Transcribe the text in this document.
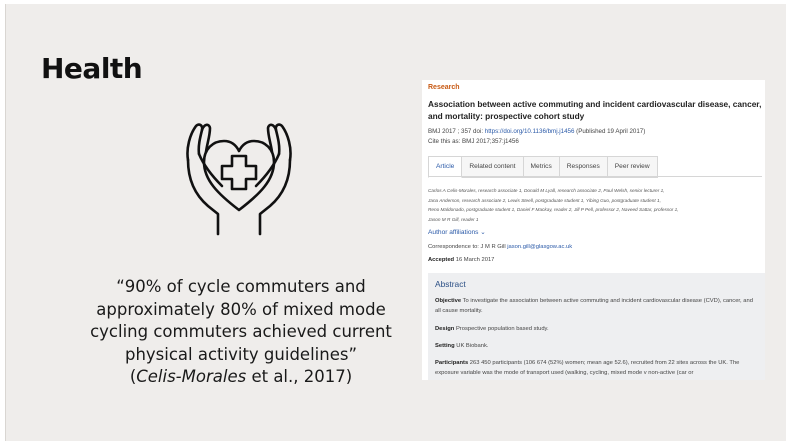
Health
“90% of cycle commuters and approximately 80% of mixed mode cycling commuters achieved current physical activity guidelines”
(Celis-Morales et al., 2017)
Research
Association between active commuting and incident cardiovascular disease, cancer, and mortality: prospective cohort study
BMJ 2017 ; 357 doi: https://doi.org/10.1136/bmj.j1456 (Published 19 April 2017)
Cite this as: BMJ 2017;357:j1456
Article	Related content	Metrics	Responses	Peer review
Carlos A Celis-Morales, research associate 1, Donald M Lyall, research associate 2, Paul Welsh, senior lecturer 1,
Jana Anderson, research associate 2, Lewis Steell, postgraduate student 1, Yibing Guo, postgraduate student 1,
Reno Maldonado, postgraduate student 1, Daniel F Mackay, reader 2, Jill P Pell, professor 2, Naveed Sattar, professor 1,
Jason M R Gill, reader 1
Author affiliations ⌄
Correspondence to: J M R Gill jason.gill@glasgow.ac.uk
Accepted 16 March 2017
Abstract
Objective To investigate the association between active commuting and incident cardiovascular disease (CVD), cancer, and all cause mortality.
Design Prospective population based study.
Setting UK Biobank.
Participants 263 450 participants (106 674 (52%) women; mean age 52.6), recruited from 22 sites across the UK. The exposure variable was the mode of transport used (walking, cycling, mixed mode v non-active (car or
